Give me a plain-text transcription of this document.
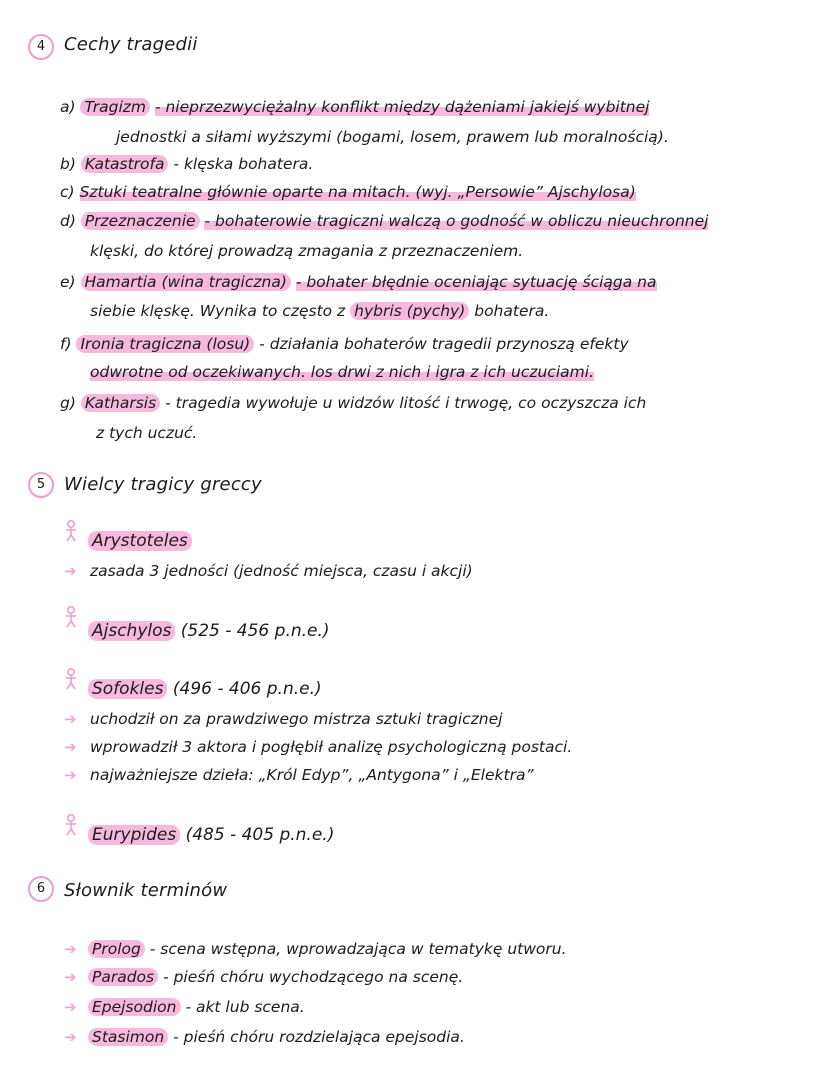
4	Cechy tragedii
a) Tragizm - nieprzezwyciężalny konflikt między dążeniami jakiejś wybitnej
jednostki a siłami wyższymi (bogami, losem, prawem lub moralnością).
b) Katastrofa - klęska bohatera.
c) Sztuki teatralne głównie oparte na mitach. (wyj. „Persowie” Ajschylosa)
d) Przeznaczenie - bohaterowie tragiczni walczą o godność w obliczu nieuchronnej
klęski, do której prowadzą zmagania z przeznaczeniem.
e) Hamartia (wina tragiczna) - bohater błędnie oceniając sytuację ściąga na
siebie klęskę. Wynika to często z hybris (pychy) bohatera.
f) Ironia tragiczna (losu) - działania bohaterów tragedii przynoszą efekty
odwrotne od oczekiwanych. los drwi z nich i igra z ich uczuciami.
g) Katharsis - tragedia wywołuje u widzów litość i trwogę, co oczyszcza ich
z tych uczuć.
5	Wielcy tragicy greccy
Arystoteles
➔ zasada 3 jedności (jedność miejsca, czasu i akcji)
Ajschylos (525 - 456 p.n.e.)
Sofokles (496 - 406 p.n.e.)
➔ uchodził on za prawdziwego mistrza sztuki tragicznej
➔ wprowadził 3 aktora i pogłębił analizę psychologiczną postaci.
➔ najważniejsze dzieła: „Król Edyp”, „Antygona” i „Elektra”
Eurypides (485 - 405 p.n.e.)
6	Słownik terminów
➔ Prolog - scena wstępna, wprowadzająca w tematykę utworu.
➔ Parados - pieśń chóru wychodzącego na scenę.
➔ Epejsodion - akt lub scena.
➔ Stasimon - pieśń chóru rozdzielająca epejsodia.
